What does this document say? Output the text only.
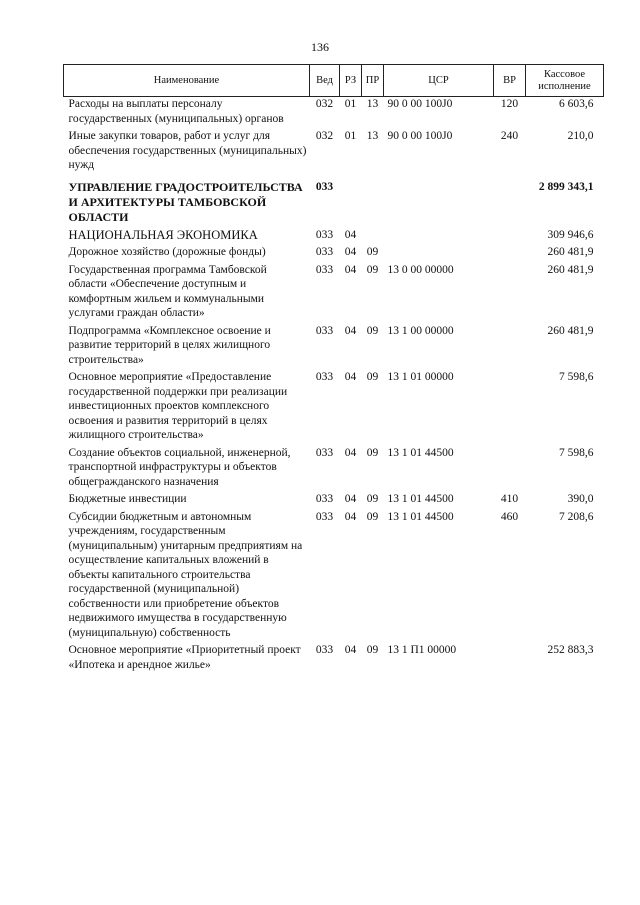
136
Наименование	Вед	РЗ	ПР	ЦСР	ВР	Кассовое исполнение
Расходы на выплаты персоналу государственных (муниципальных) органов	032	01	13	90 0 00 100J0	120	6 603,6
Иные закупки товаров, работ и услуг для обеспечения государственных (муниципальных) нужд	032	01	13	90 0 00 100J0	240	210,0
УПРАВЛЕНИЕ ГРАДОСТРОИТЕЛЬСТВА И АРХИТЕКТУРЫ ТАМБОВСКОЙ ОБЛАСТИ	033					2 899 343,1
НАЦИОНАЛЬНАЯ ЭКОНОМИКА	033	04				309 946,6
Дорожное хозяйство (дорожные фонды)	033	04	09			260 481,9
Государственная программа Тамбовской области «Обеспечение доступным и комфортным жильем и коммунальными услугами граждан области»	033	04	09	13 0 00 00000		260 481,9
Подпрограмма «Комплексное освоение и развитие территорий в целях жилищного строительства»	033	04	09	13 1 00 00000		260 481,9
Основное мероприятие «Предоставление государственной поддержки при реализации инвестиционных проектов комплексного освоения и развития территорий в целях жилищного строительства»	033	04	09	13 1 01 00000		7 598,6
Создание объектов социальной, инженерной, транспортной инфраструктуры и объектов общегражданского назначения	033	04	09	13 1 01 44500		7 598,6
Бюджетные инвестиции	033	04	09	13 1 01 44500	410	390,0
Субсидии бюджетным и автономным учреждениям, государственным (муниципальным) унитарным предприятиям на осуществление капитальных вложений в объекты капитального строительства государственной (муниципальной) собственности или приобретение объектов недвижимого имущества в государственную (муниципальную) собственность	033	04	09	13 1 01 44500	460	7 208,6
Основное мероприятие «Приоритетный проект «Ипотека и арендное жилье»	033	04	09	13 1 П1 00000		252 883,3
